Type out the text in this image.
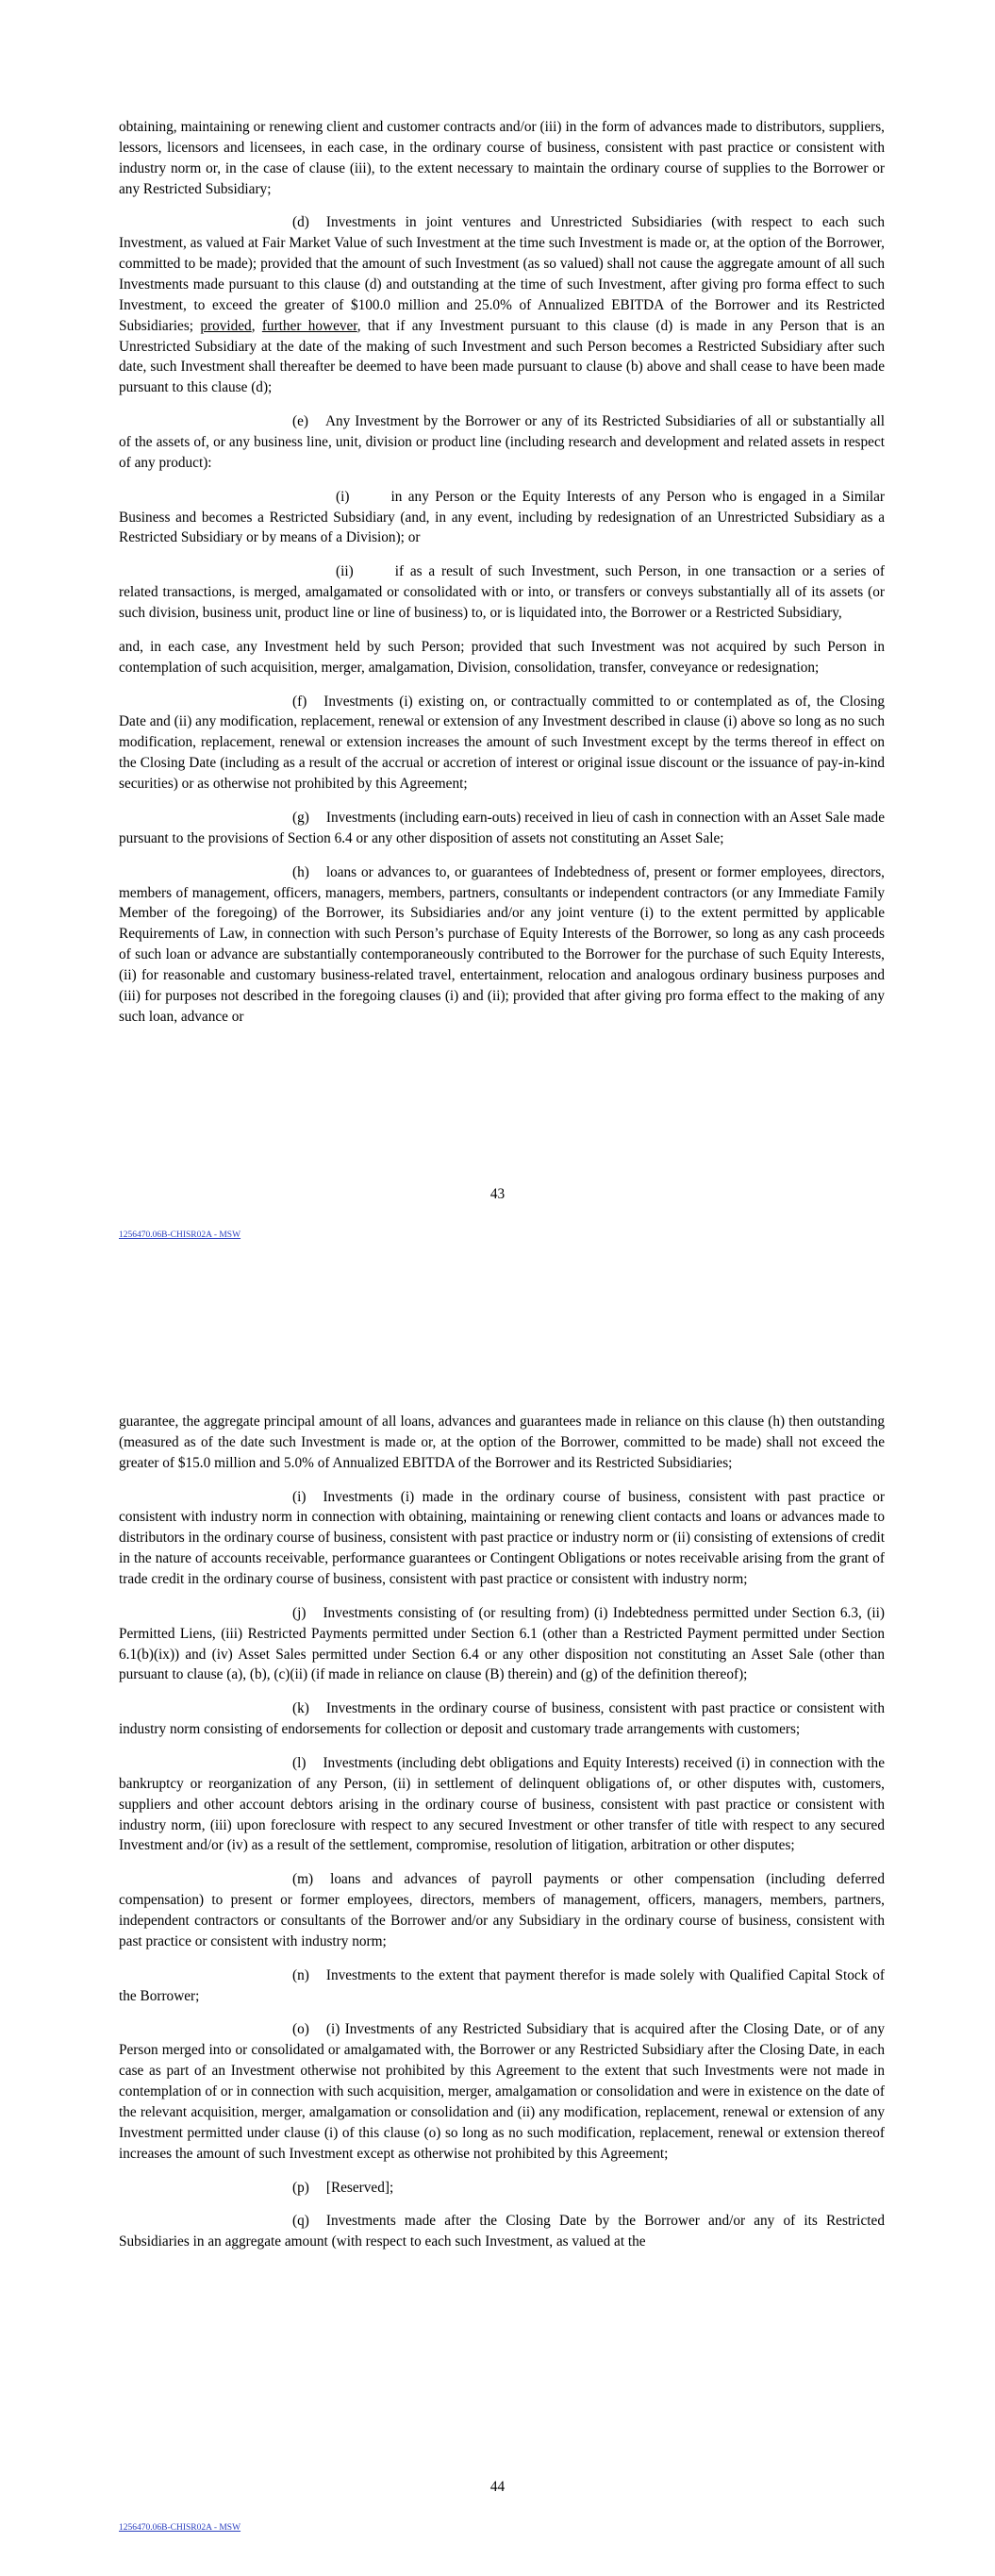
obtaining, maintaining or renewing client and customer contracts and/or (iii) in the form of advances made to distributors, suppliers, lessors, licensors and licensees, in each case, in the ordinary course of business, consistent with past practice or consistent with industry norm or, in the case of clause (iii), to the extent necessary to maintain the ordinary course of supplies to the Borrower or any Restricted Subsidiary;

(d) Investments in joint ventures and Unrestricted Subsidiaries (with respect to each such Investment, as valued at Fair Market Value of such Investment at the time such Investment is made or, at the option of the Borrower, committed to be made); provided that the amount of such Investment (as so valued) shall not cause the aggregate amount of all such Investments made pursuant to this clause (d) and outstanding at the time of such Investment, after giving pro forma effect to such Investment, to exceed the greater of $100.0 million and 25.0% of Annualized EBITDA of the Borrower and its Restricted Subsidiaries; provided, further however, that if any Investment pursuant to this clause (d) is made in any Person that is an Unrestricted Subsidiary at the date of the making of such Investment and such Person becomes a Restricted Subsidiary after such date, such Investment shall thereafter be deemed to have been made pursuant to clause (b) above and shall cease to have been made pursuant to this clause (d);

(e) Any Investment by the Borrower or any of its Restricted Subsidiaries of all or substantially all of the assets of, or any business line, unit, division or product line (including research and development and related assets in respect of any product):

(i)	in any Person or the Equity Interests of any Person who is engaged in a Similar Business and becomes a Restricted Subsidiary (and, in any event, including by redesignation of an Unrestricted Subsidiary as a Restricted Subsidiary or by means of a Division); or

(ii)	if as a result of such Investment, such Person, in one transaction or a series of related transactions, is merged, amalgamated or consolidated with or into, or transfers or conveys substantially all of its assets (or such division, business unit, product line or line of business) to, or is liquidated into, the Borrower or a Restricted Subsidiary,

and, in each case, any Investment held by such Person; provided that such Investment was not acquired by such Person in contemplation of such acquisition, merger, amalgamation, Division, consolidation, transfer, conveyance or redesignation;

(f) Investments (i) existing on, or contractually committed to or contemplated as of, the Closing Date and (ii) any modification, replacement, renewal or extension of any Investment described in clause (i) above so long as no such modification, replacement, renewal or extension increases the amount of such Investment except by the terms thereof in effect on the Closing Date (including as a result of the accrual or accretion of interest or original issue discount or the issuance of pay-in-kind securities) or as otherwise not prohibited by this Agreement;

(g) Investments (including earn-outs) received in lieu of cash in connection with an Asset Sale made pursuant to the provisions of Section 6.4 or any other disposition of assets not constituting an Asset Sale;

(h) loans or advances to, or guarantees of Indebtedness of, present or former employees, directors, members of management, officers, managers, members, partners, consultants or independent contractors (or any Immediate Family Member of the foregoing) of the Borrower, its Subsidiaries and/or any joint venture (i) to the extent permitted by applicable Requirements of Law, in connection with such Person’s purchase of Equity Interests of the Borrower, so long as any cash proceeds of such loan or advance are substantially contemporaneously contributed to the Borrower for the purchase of such Equity Interests, (ii) for reasonable and customary business-related travel, entertainment, relocation and analogous ordinary business purposes and (iii) for purposes not described in the foregoing clauses (i) and (ii); provided that after giving pro forma effect to the making of any such loan, advance or

43
1256470.06B-CHISR02A - MSW

guarantee, the aggregate principal amount of all loans, advances and guarantees made in reliance on this clause (h) then outstanding (measured as of the date such Investment is made or, at the option of the Borrower, committed to be made) shall not exceed the greater of $15.0 million and 5.0% of Annualized EBITDA of the Borrower and its Restricted Subsidiaries;

(i) Investments (i) made in the ordinary course of business, consistent with past practice or consistent with industry norm in connection with obtaining, maintaining or renewing client contacts and loans or advances made to distributors in the ordinary course of business, consistent with past practice or industry norm or (ii) consisting of extensions of credit in the nature of accounts receivable, performance guarantees or Contingent Obligations or notes receivable arising from the grant of trade credit in the ordinary course of business, consistent with past practice or consistent with industry norm;

(j) Investments consisting of (or resulting from) (i) Indebtedness permitted under Section 6.3, (ii) Permitted Liens, (iii) Restricted Payments permitted under Section 6.1 (other than a Restricted Payment permitted under Section 6.1(b)(ix)) and (iv) Asset Sales permitted under Section 6.4 or any other disposition not constituting an Asset Sale (other than pursuant to clause (a), (b), (c)(ii) (if made in reliance on clause (B) therein) and (g) of the definition thereof);

(k) Investments in the ordinary course of business, consistent with past practice or consistent with industry norm consisting of endorsements for collection or deposit and customary trade arrangements with customers;

(l) Investments (including debt obligations and Equity Interests) received (i) in connection with the bankruptcy or reorganization of any Person, (ii) in settlement of delinquent obligations of, or other disputes with, customers, suppliers and other account debtors arising in the ordinary course of business, consistent with past practice or consistent with industry norm, (iii) upon foreclosure with respect to any secured Investment or other transfer of title with respect to any secured Investment and/or (iv) as a result of the settlement, compromise, resolution of litigation, arbitration or other disputes;

(m) loans and advances of payroll payments or other compensation (including deferred compensation) to present or former employees, directors, members of management, officers, managers, members, partners, independent contractors or consultants of the Borrower and/or any Subsidiary in the ordinary course of business, consistent with past practice or consistent with industry norm;

(n) Investments to the extent that payment therefor is made solely with Qualified Capital Stock of the Borrower;

(o) (i) Investments of any Restricted Subsidiary that is acquired after the Closing Date, or of any Person merged into or consolidated or amalgamated with, the Borrower or any Restricted Subsidiary after the Closing Date, in each case as part of an Investment otherwise not prohibited by this Agreement to the extent that such Investments were not made in contemplation of or in connection with such acquisition, merger, amalgamation or consolidation and were in existence on the date of the relevant acquisition, merger, amalgamation or consolidation and (ii) any modification, replacement, renewal or extension of any Investment permitted under clause (i) of this clause (o) so long as no such modification, replacement, renewal or extension thereof increases the amount of such Investment except as otherwise not prohibited by this Agreement;

(p) [Reserved];

(q) Investments made after the Closing Date by the Borrower and/or any of its Restricted Subsidiaries in an aggregate amount (with respect to each such Investment, as valued at the

44
1256470.06B-CHISR02A - MSW
